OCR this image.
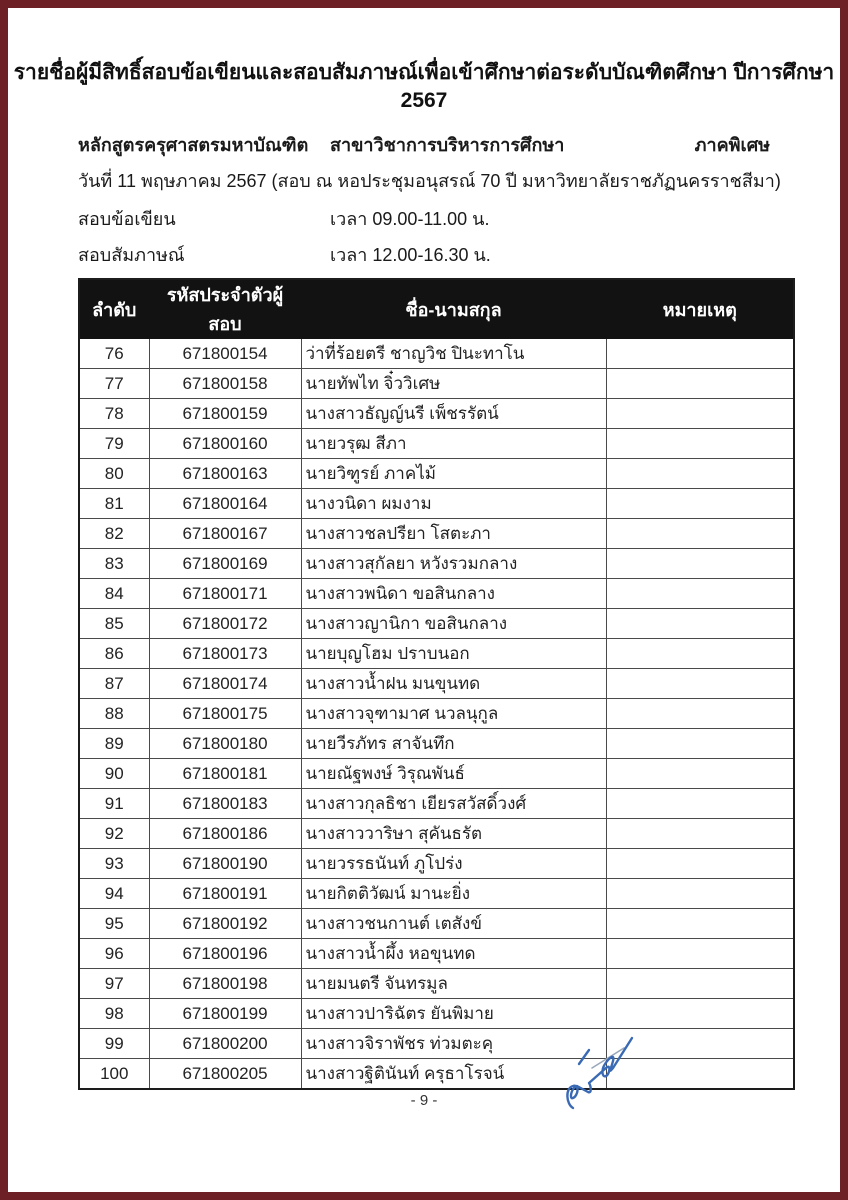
รายชื่อผู้มีสิทธิ์สอบข้อเขียนและสอบสัมภาษณ์เพื่อเข้าศึกษาต่อระดับบัณฑิตศึกษา ปีการศึกษา 2567
หลักสูตรครุศาสตรมหาบัณฑิต สาขาวิชาการบริหารการศึกษา	ภาคพิเศษ
วันที่ 11 พฤษภาคม 2567 (สอบ ณ หอประชุมอนุสรณ์ 70 ปี มหาวิทยาลัยราชภัฏนครราชสีมา)
สอบข้อเขียน	เวลา 09.00-11.00 น.
สอบสัมภาษณ์	เวลา 12.00-16.30 น.
ลำดับ	รหัสประจำตัวผู้สอบ	ชื่อ-นามสกุล	หมายเหตุ
76	671800154	ว่าที่ร้อยตรี ชาญวิช ปินะทาโน	
77	671800158	นายทัพไท จิ๋ววิเศษ	
78	671800159	นางสาวธัญญ์นรี เพ็ชรรัตน์	
79	671800160	นายวรุฒ สีภา	
80	671800163	นายวิฑูรย์ ภาคไม้	
81	671800164	นางวนิดา ผมงาม	
82	671800167	นางสาวชลปรียา โสตะภา	
83	671800169	นางสาวสุกัลยา หวังรวมกลาง	
84	671800171	นางสาวพนิดา ขอสินกลาง	
85	671800172	นางสาวญานิกา ขอสินกลาง	
86	671800173	นายบุญโฮม ปราบนอก	
87	671800174	นางสาวน้ำฝน มนขุนทด	
88	671800175	นางสาวจุฑามาศ นวลนุกูล	
89	671800180	นายวีรภัทร สาจันทึก	
90	671800181	นายณัฐพงษ์ วิรุณพันธ์	
91	671800183	นางสาวกุลธิชา เยียรสวัสดิ์วงศ์	
92	671800186	นางสาววาริษา สุคันธรัต	
93	671800190	นายวรรธนันท์ ภูโปร่ง	
94	671800191	นายกิตติวัฒน์ มานะยิ่ง	
95	671800192	นางสาวชนกานต์ เตสังข์	
96	671800196	นางสาวน้ำผึ้ง หอขุนทด	
97	671800198	นายมนตรี จันทรมูล	
98	671800199	นางสาวปาริฉัตร ยันพิมาย	
99	671800200	นางสาวจิราพัชร ท่วมตะคุ	
100	671800205	นางสาวฐิตินันท์ ครุธาโรจน์	
- 9 -
